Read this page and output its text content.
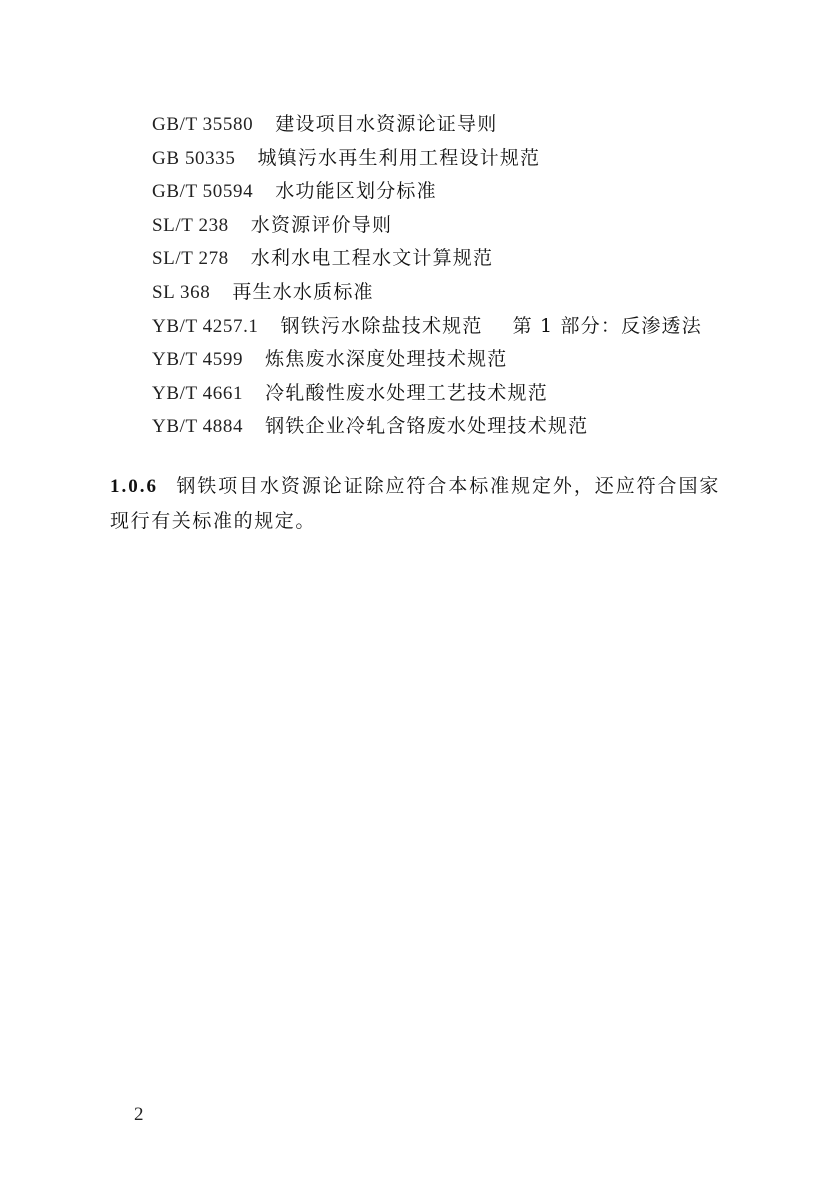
GB/T 35580 建设项目水资源论证导则
GB 50335 城镇污水再生利用工程设计规范
GB/T 50594 水功能区划分标准
SL/T 238 水资源评价导则
SL/T 278 水利水电工程水文计算规范
SL 368 再生水水质标准
YB/T 4257.1 钢铁污水除盐技术规范 第 1 部分：反渗透法
YB/T 4599 炼焦废水深度处理技术规范
YB/T 4661 冷轧酸性废水处理工艺技术规范
YB/T 4884 钢铁企业冷轧含铬废水处理技术规范

1.0.6 钢铁项目水资源论证除应符合本标准规定外，还应符合国家现行有关标准的规定。

2
